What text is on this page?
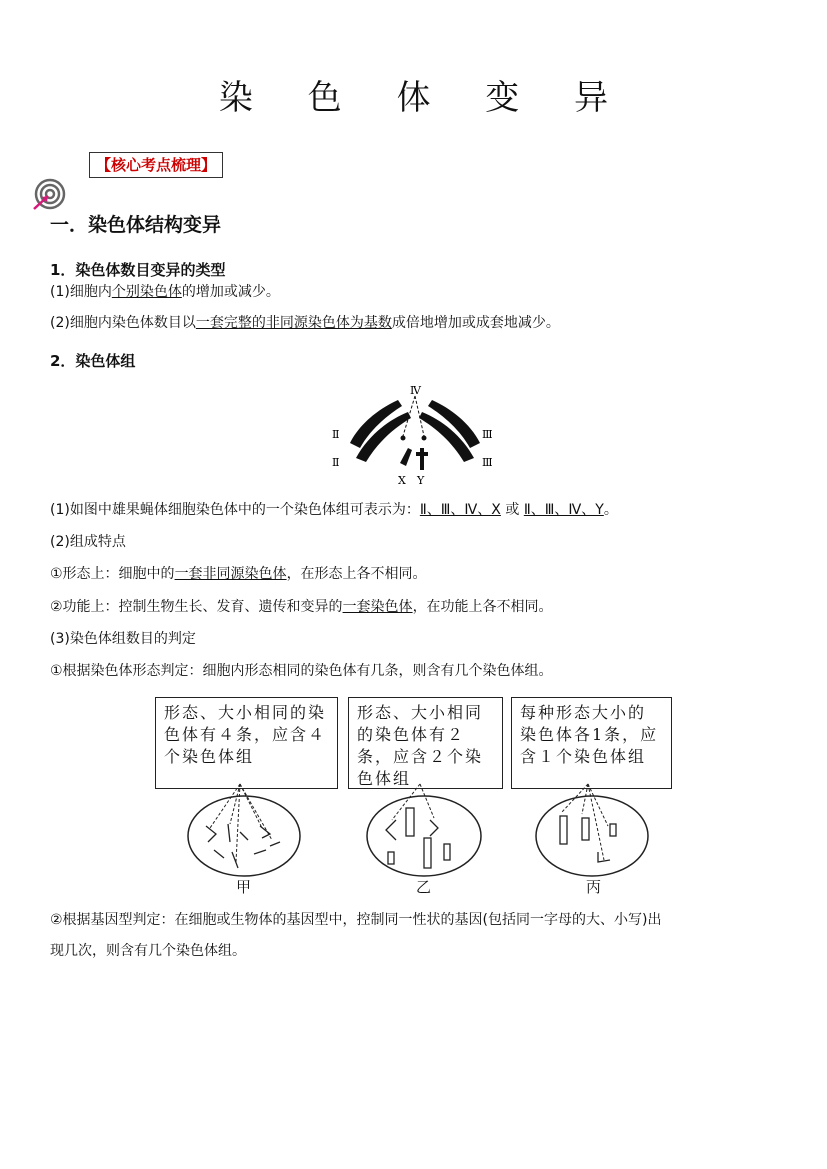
染 色 体 变 异
【核心考点梳理】
一．染色体结构变异
1．染色体数目变异的类型
(1)细胞内个别染色体的增加或减少。
(2)细胞内染色体数目以一套完整的非同源染色体为基数成倍地增加或成套地减少。
2．染色体组
Ⅳ
Ⅱ
Ⅱ
Ⅲ
Ⅲ
X Y
(1)如图中雄果蝇体细胞染色体中的一个染色体组可表示为：Ⅱ、Ⅲ、Ⅳ、X 或 Ⅱ、Ⅲ、Ⅳ、Y。
(2)组成特点
①形态上：细胞中的一套非同源染色体，在形态上各不相同。
②功能上：控制生物生长、发育、遗传和变异的一套染色体，在功能上各不相同。
(3)染色体组数目的判定
①根据染色体形态判定：细胞内形态相同的染色体有几条，则含有几个染色体组。
形态、大小相同的染色体有４条，应含４个染色体组
形态、大小相同的染色体有２条，应含２个染色体组
每种形态大小的染色体各1条，应含１个染色体组
甲	乙	丙
②根据基因型判定：在细胞或生物体的基因型中，控制同一性状的基因(包括同一字母的大、小写)出
现几次，则含有几个染色体组。
